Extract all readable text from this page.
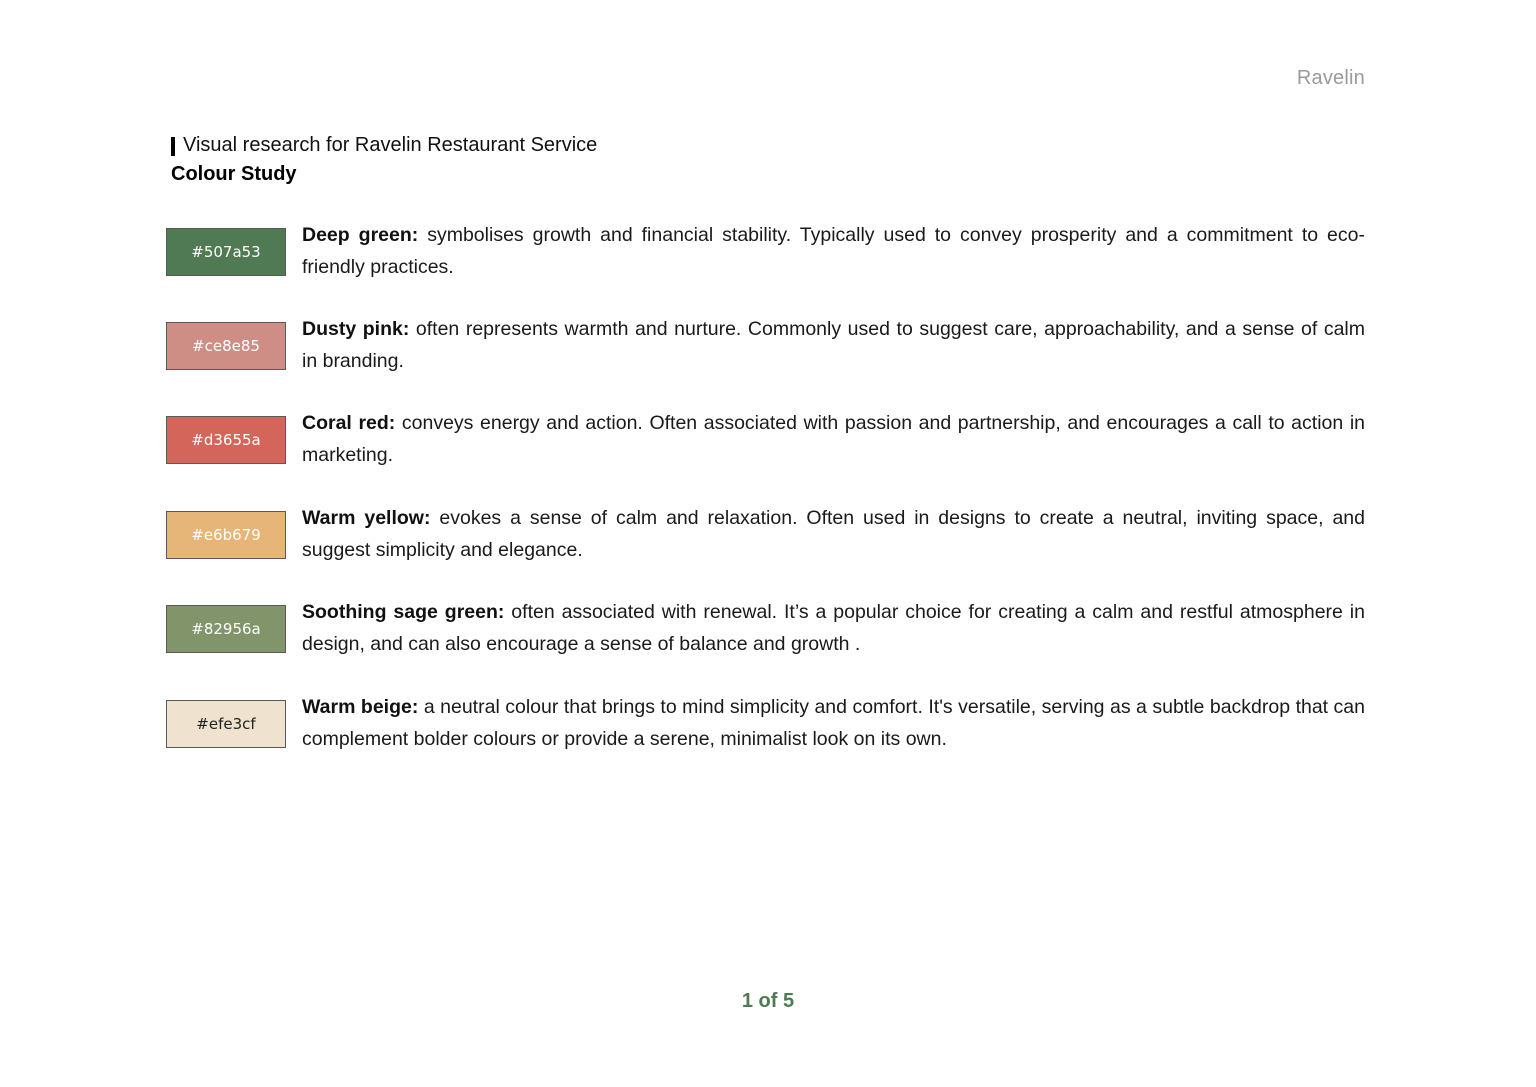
Ravelin
Visual research for Ravelin Restaurant Service
Colour Study
#507a53
Deep green: symbolises growth and financial stability. Typically used to convey prosperity and a commitment to eco-friendly practices.
#ce8e85
Dusty pink: often represents warmth and nurture. Commonly used to suggest care, approachability, and a sense of calm in branding.
#d3655a
Coral red: conveys energy and action. Often associated with passion and partnership, and encourages a call to action in marketing.
#e6b679
Warm yellow: evokes a sense of calm and relaxation. Often used in designs to create a neutral, inviting space, and suggest simplicity and elegance.
#82956a
Soothing sage green: often associated with renewal. It’s a popular choice for creating a calm and restful atmosphere in design, and can also encourage a sense of balance and growth .
#efe3cf
Warm beige: a neutral colour that brings to mind simplicity and comfort. It's versatile, serving as a subtle backdrop that can complement bolder colours or provide a serene, minimalist look on its own.
1 of 5
